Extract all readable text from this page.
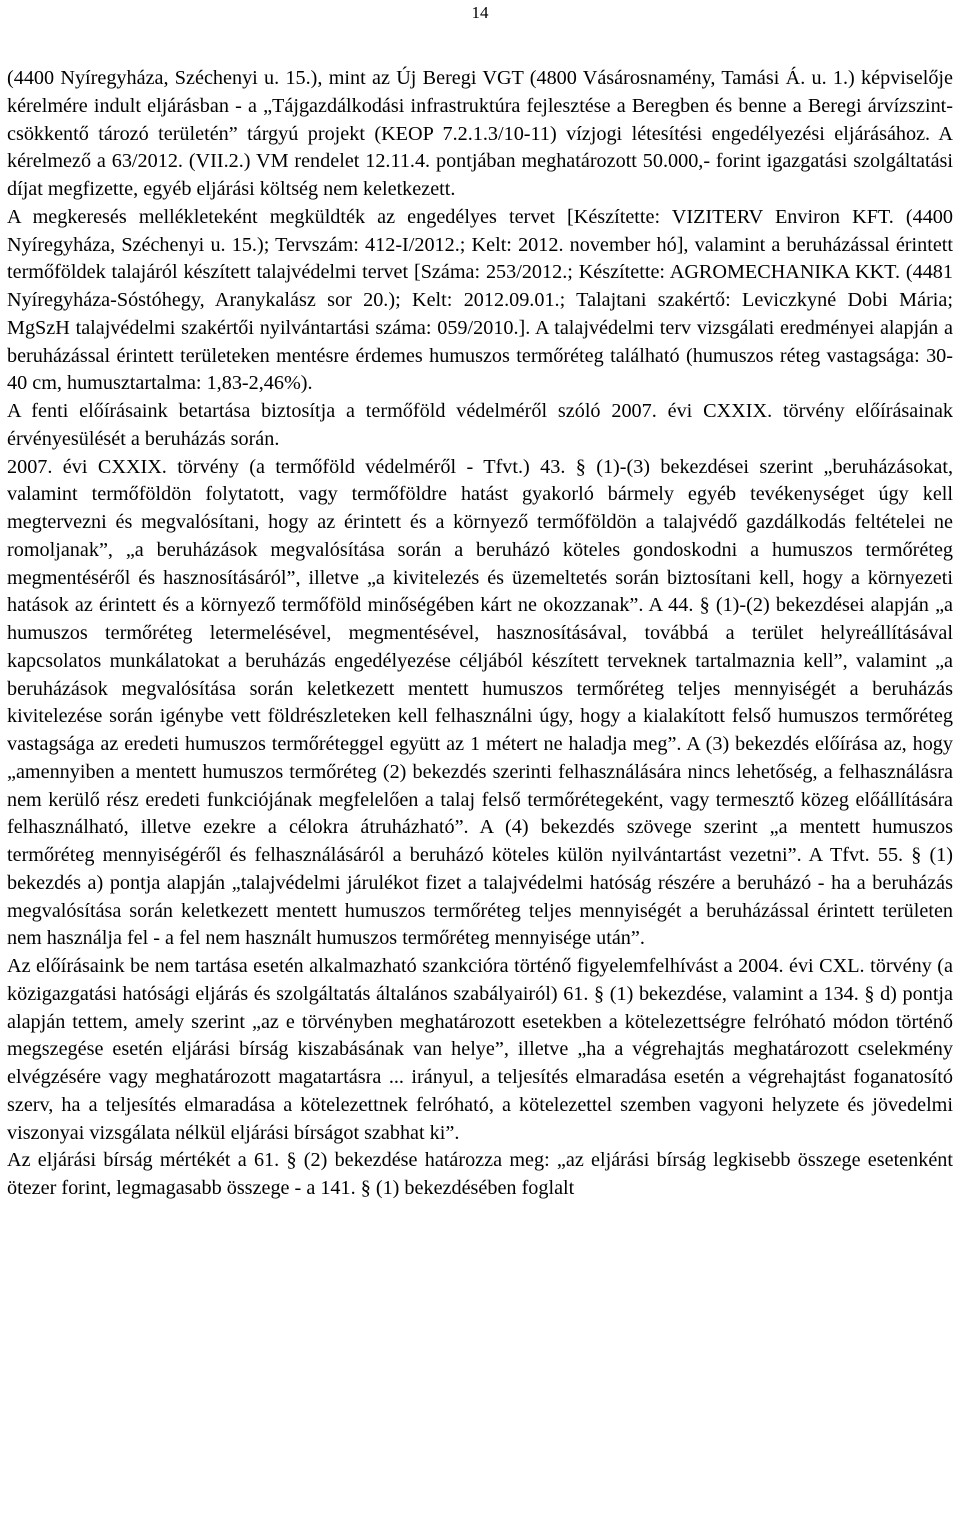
14

(4400 Nyíregyháza, Széchenyi u. 15.), mint az Új Beregi VGT (4800 Vásárosnamény, Tamási Á. u. 1.) képviselője kérelmére indult eljárásban - a „Tájgazdálkodási infrastruktúra fejlesztése a Beregben és benne a Beregi árvízszint-csökkentő tározó területén” tárgyú projekt (KEOP 7.2.1.3/10-11) vízjogi létesítési engedélyezési eljárásához. A kérelmező a 63/2012. (VII.2.) VM rendelet 12.11.4. pontjában meghatározott 50.000,- forint igazgatási szolgáltatási díjat megfizette, egyéb eljárási költség nem keletkezett.

A megkeresés mellékleteként megküldték az engedélyes tervet [Készítette: VIZITERV Environ KFT. (4400 Nyíregyháza, Széchenyi u. 15.); Tervszám: 412-I/2012.; Kelt: 2012. november hó], valamint a beruházással érintett termőföldek talajáról készített talajvédelmi tervet [Száma: 253/2012.; Készítette: AGROMECHANIKA KKT. (4481 Nyíregyháza-Sóstóhegy, Aranykalász sor 20.); Kelt: 2012.09.01.; Talajtani szakértő: Leviczkyné Dobi Mária; MgSzH talajvédelmi szakértői nyilvántartási száma: 059/2010.]. A talajvédelmi terv vizsgálati eredményei alapján a beruházással érintett területeken mentésre érdemes humuszos termőréteg található (humuszos réteg vastagsága: 30-40 cm, humusztartalma: 1,83-2,46%).

A fenti előírásaink betartása biztosítja a termőföld védelméről szóló 2007. évi CXXIX. törvény előírásainak érvényesülését a beruházás során.

2007. évi CXXIX. törvény (a termőföld védelméről - Tfvt.) 43. § (1)-(3) bekezdései szerint „beruházásokat, valamint termőföldön folytatott, vagy termőföldre hatást gyakorló bármely egyéb tevékenységet úgy kell megtervezni és megvalósítani, hogy az érintett és a környező termőföldön a talajvédő gazdálkodás feltételei ne romoljanak”, „a beruházások megvalósítása során a beruházó köteles gondoskodni a humuszos termőréteg megmentéséről és hasznosításáról”, illetve „a kivitelezés és üzemeltetés során biztosítani kell, hogy a környezeti hatások az érintett és a környező termőföld minőségében kárt ne okozzanak”. A 44. § (1)-(2) bekezdései alapján „a humuszos termőréteg letermelésével, megmentésével, hasznosításával, továbbá a terület helyreállításával kapcsolatos munkálatokat a beruházás engedélyezése céljából készített terveknek tartalmaznia kell”, valamint „a beruházások megvalósítása során keletkezett mentett humuszos termőréteg teljes mennyiségét a beruházás kivitelezése során igénybe vett földrészleteken kell felhasználni úgy, hogy a kialakított felső humuszos termőréteg vastagsága az eredeti humuszos termőréteggel együtt az 1 métert ne haladja meg”. A (3) bekezdés előírása az, hogy „amennyiben a mentett humuszos termőréteg (2) bekezdés szerinti felhasználására nincs lehetőség, a felhasználásra nem kerülő rész eredeti funkciójának megfelelően a talaj felső termőrétegeként, vagy termesztő közeg előállítására felhasználható, illetve ezekre a célokra átruházható”. A (4) bekezdés szövege szerint „a mentett humuszos termőréteg mennyiségéről és felhasználásáról a beruházó köteles külön nyilvántartást vezetni”. A Tfvt. 55. § (1) bekezdés a) pontja alapján „talajvédelmi járulékot fizet a talajvédelmi hatóság részére a beruházó - ha a beruházás megvalósítása során keletkezett mentett humuszos termőréteg teljes mennyiségét a beruházással érintett területen nem használja fel - a fel nem használt humuszos termőréteg mennyisége után”.

Az előírásaink be nem tartása esetén alkalmazható szankcióra történő figyelemfelhívást a 2004. évi CXL. törvény (a közigazgatási hatósági eljárás és szolgáltatás általános szabályairól) 61. § (1) bekezdése, valamint a 134. § d) pontja alapján tettem, amely szerint „az e törvényben meghatározott esetekben a kötelezettségre felróható módon történő megszegése esetén eljárási bírság kiszabásának van helye”, illetve „ha a végrehajtás meghatározott cselekmény elvégzésére vagy meghatározott magatartásra ... irányul, a teljesítés elmaradása esetén a végrehajtást foganatosító szerv, ha a teljesítés elmaradása a kötelezettnek felróható, a kötelezettel szemben vagyoni helyzete és jövedelmi viszonyai vizsgálata nélkül eljárási bírságot szabhat ki”.

Az eljárási bírság mértékét a 61. § (2) bekezdése határozza meg: „az eljárási bírság legkisebb összege esetenként ötezer forint, legmagasabb összege - a 141. § (1) bekezdésében foglalt
